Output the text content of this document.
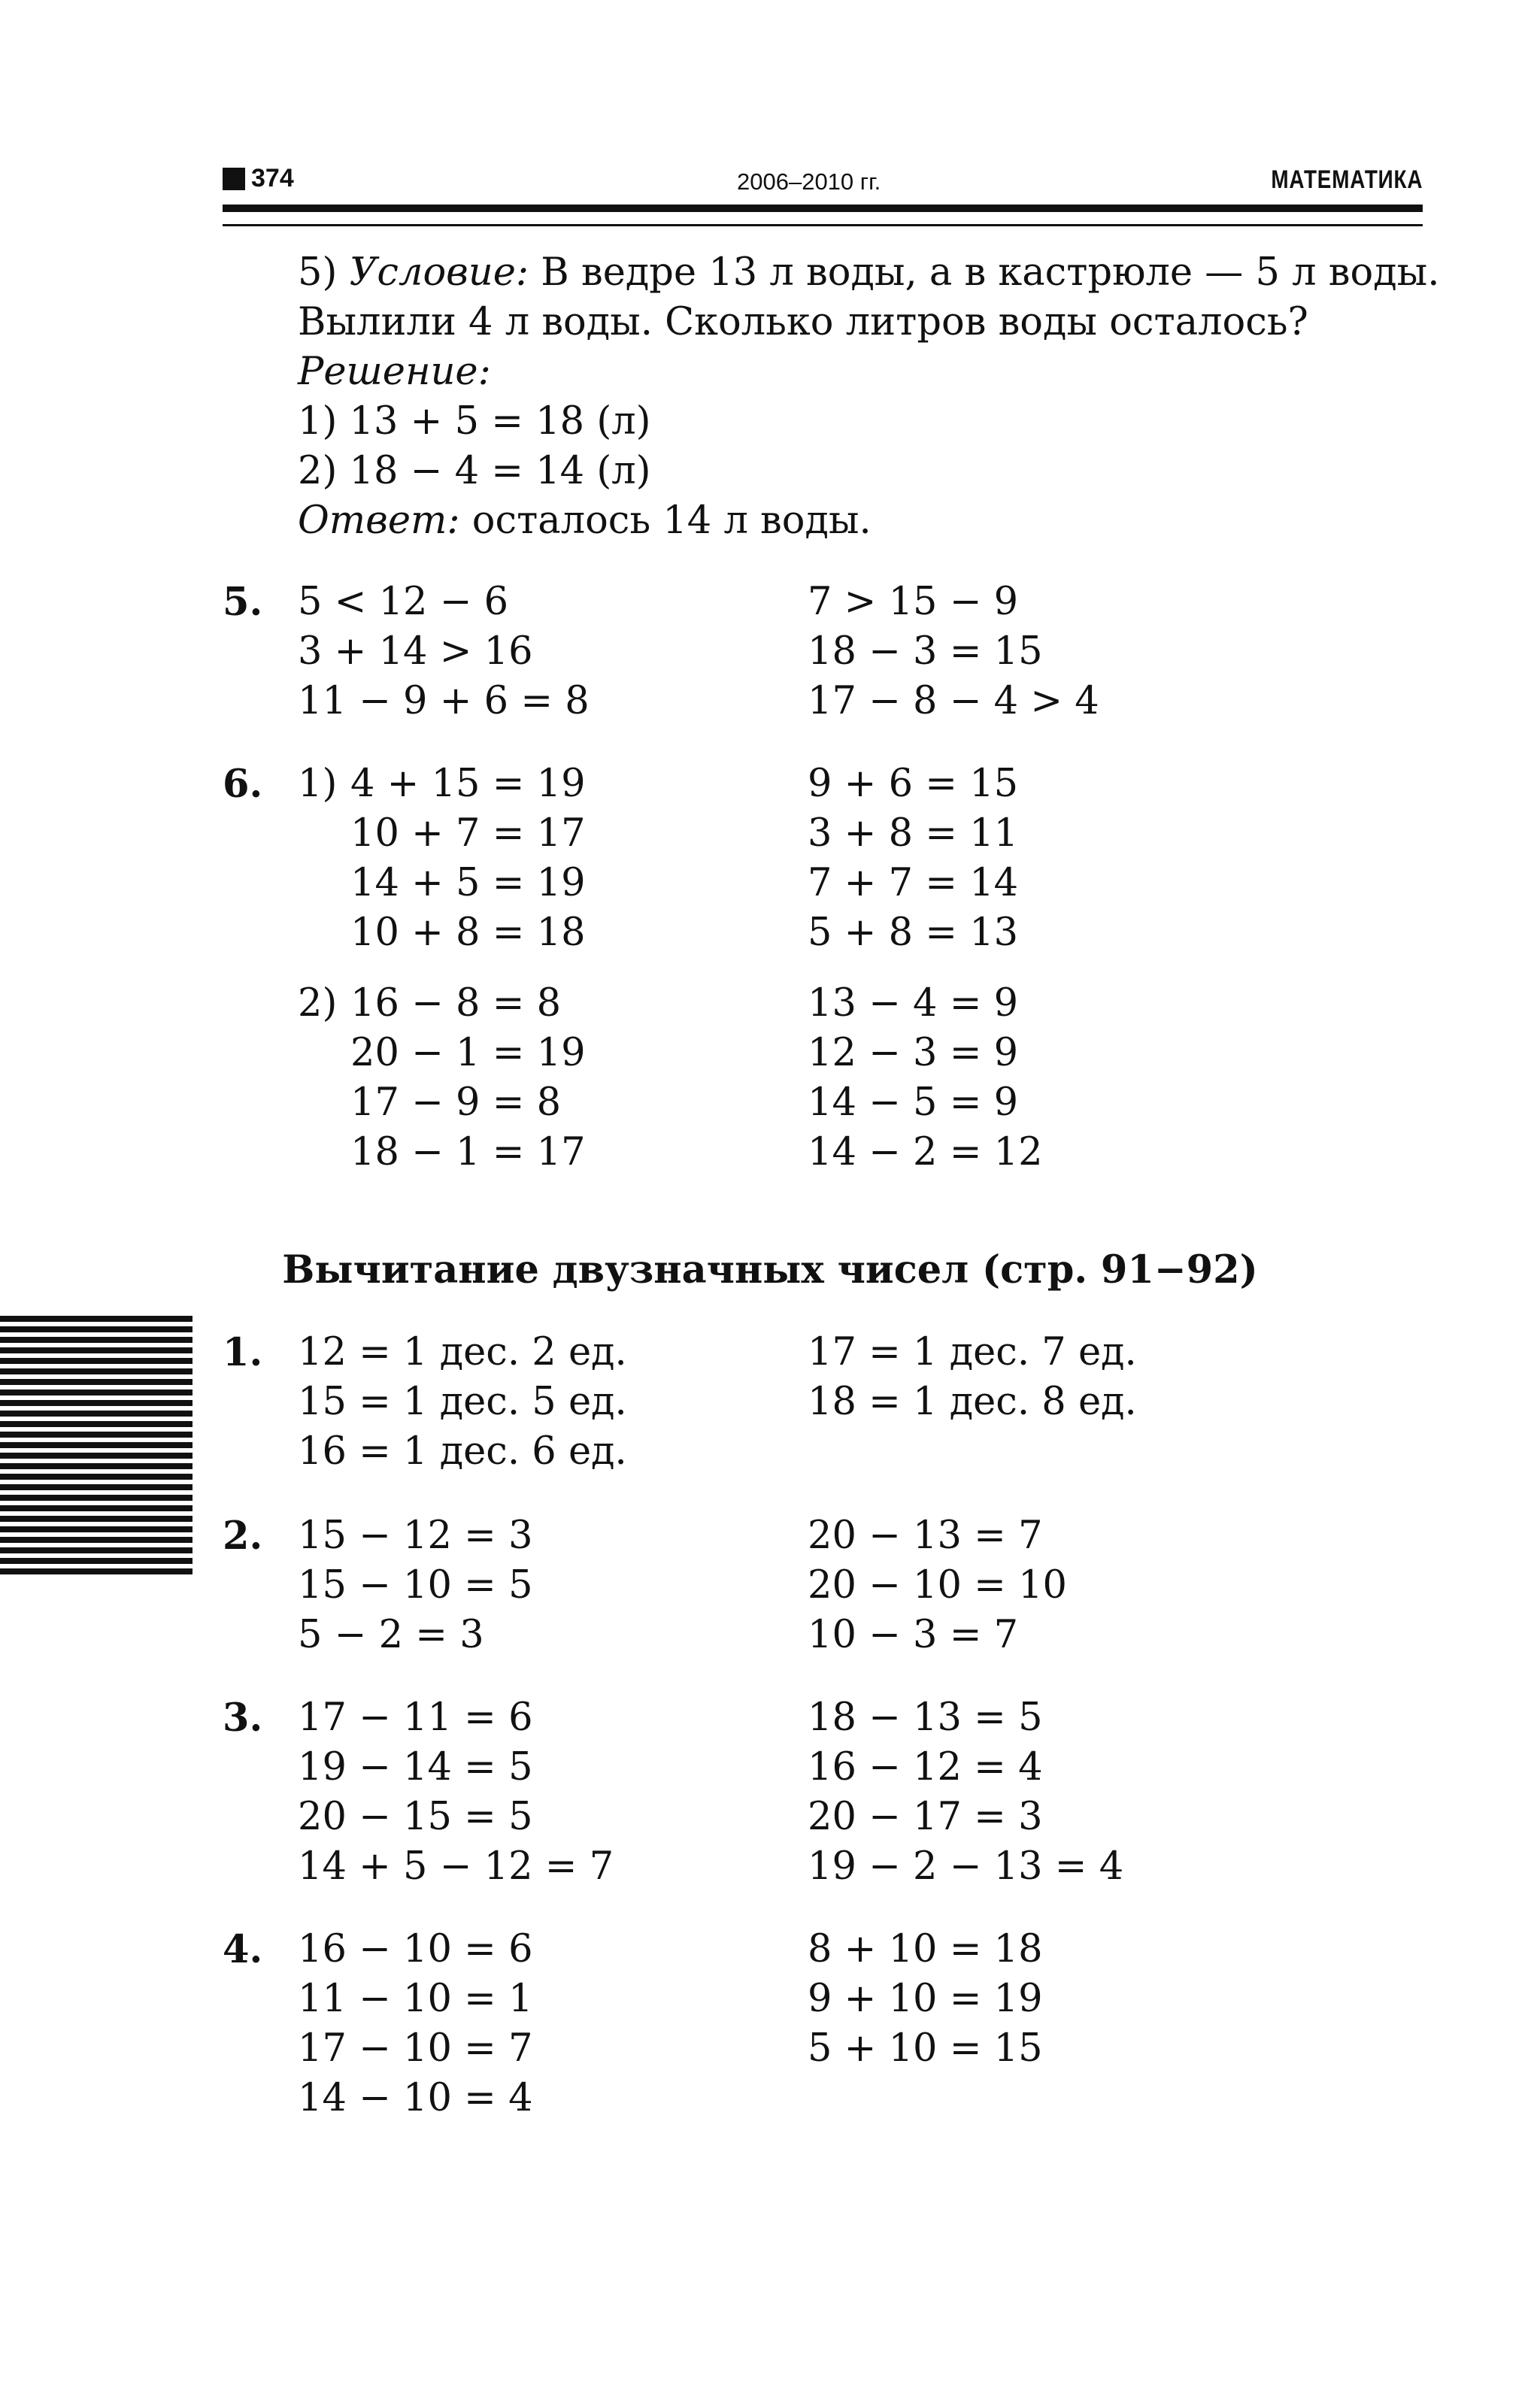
374	2006–2010 гг.	МАТЕМАТИКА
5) Условие: В ведре 13 л воды, а в кастрюле — 5 л воды.
Вылили 4 л воды. Сколько литров воды осталось?
Решение:
1) 13 + 5 = 18 (л)
2) 18 − 4 = 14 (л)
Ответ: осталось 14 л воды.
5. 5 < 12 − 6
3 + 14 > 16
11 − 9 + 6 = 8
7 > 15 − 9
18 − 3 = 15
17 − 8 − 4 > 4
6. 1) 4 + 15 = 19
10 + 7 = 17
14 + 5 = 19
10 + 8 = 18
9 + 6 = 15
3 + 8 = 11
7 + 7 = 14
5 + 8 = 13
2) 16 − 8 = 8
20 − 1 = 19
17 − 9 = 8
18 − 1 = 17
13 − 4 = 9
12 − 3 = 9
14 − 5 = 9
14 − 2 = 12
Вычитание двузначных чисел (стр. 91−92)
1. 12 = 1 дес. 2 ед.
15 = 1 дес. 5 ед.
16 = 1 дес. 6 ед.
17 = 1 дес. 7 ед.
18 = 1 дес. 8 ед.
2. 15 − 12 = 3
15 − 10 = 5
5 − 2 = 3
20 − 13 = 7
20 − 10 = 10
10 − 3 = 7
3. 17 − 11 = 6
19 − 14 = 5
20 − 15 = 5
14 + 5 − 12 = 7
18 − 13 = 5
16 − 12 = 4
20 − 17 = 3
19 − 2 − 13 = 4
4. 16 − 10 = 6
11 − 10 = 1
17 − 10 = 7
14 − 10 = 4
8 + 10 = 18
9 + 10 = 19
5 + 10 = 15
